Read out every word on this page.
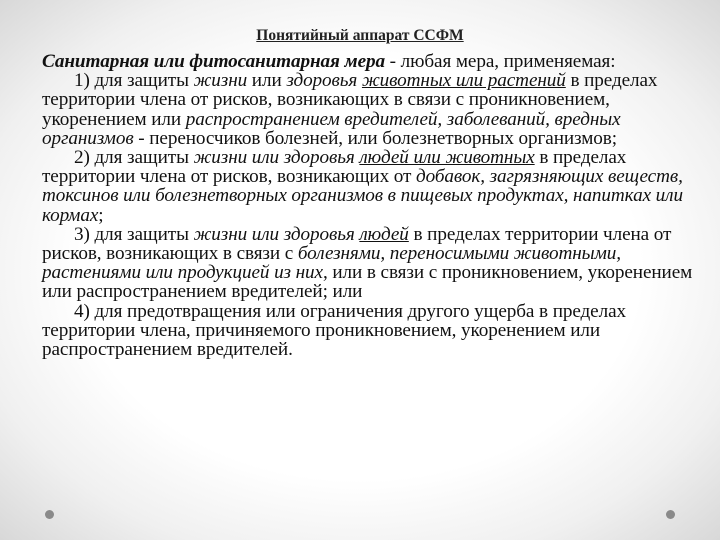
Понятийный аппарат ССФМ

Санитарная или фитосанитарная мера - любая мера, применяемая:

1) для защиты жизни или здоровья животных или растений в пределах территории члена от рисков, возникающих в связи с проникновением, укоренением или распространением вредителей, заболеваний, вредных организмов - переносчиков болезней, или болезнетворных организмов;

2) для защиты жизни или здоровья людей или животных в пределах территории члена от рисков, возникающих от добавок, загрязняющих веществ, токсинов или болезнетворных организмов в пищевых продуктах, напитках или кормах;

3) для защиты жизни или здоровья людей в пределах территории члена от рисков, возникающих в связи с болезнями, переносимыми животными, растениями или продукцией из них, или в связи с проникновением, укоренением или распространением вредителей; или

4) для предотвращения или ограничения другого ущерба в пределах территории члена, причиняемого проникновением, укоренением или распространением вредителей.
